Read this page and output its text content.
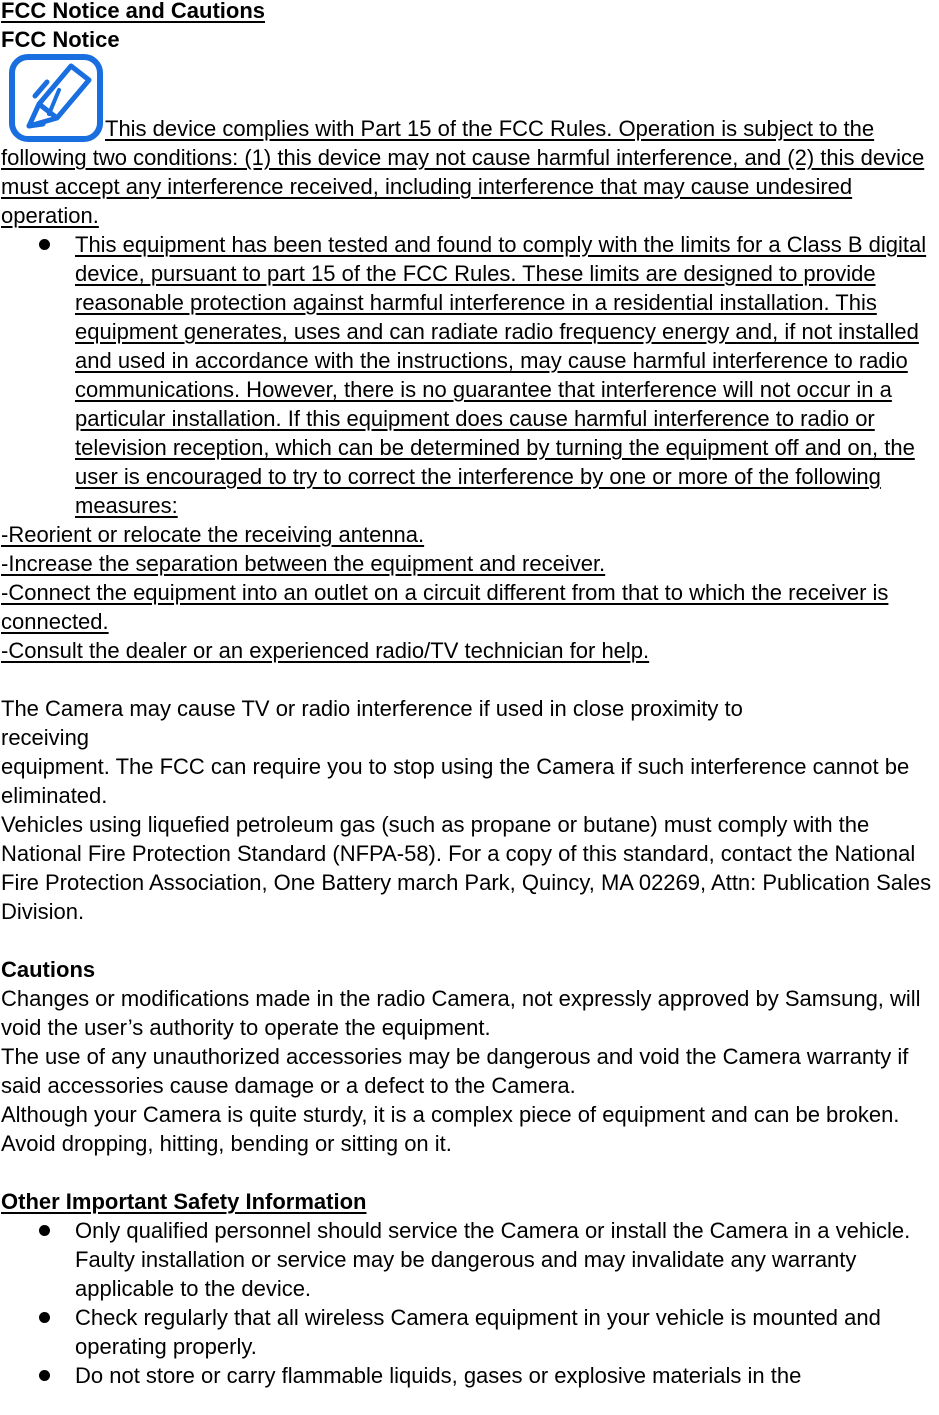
FCC Notice and Cautions

FCC Notice

This device complies with Part 15 of the FCC Rules. Operation is subject to the following two conditions: (1) this device may not cause harmful interference, and (2) this device must accept any interference received, including interference that may cause undesired operation.
This equipment has been tested and found to comply with the limits for a Class B digital device, pursuant to part 15 of the FCC Rules. These limits are designed to provide reasonable protection against harmful interference in a residential installation. This equipment generates, uses and can radiate radio frequency energy and, if not installed and used in accordance with the instructions, may cause harmful interference to radio communications. However, there is no guarantee that interference will not occur in a particular installation. If this equipment does cause harmful interference to radio or television reception, which can be determined by turning the equipment off and on, the user is encouraged to try to correct the interference by one or more of the following measures:

-Reorient or relocate the receiving antenna.

-Increase the separation between the equipment and receiver.

-Connect the equipment into an outlet on a circuit different from that to which the receiver is connected.

-Consult the dealer or an experienced radio/TV technician for help.

The Camera may cause TV or radio interference if used in close proximity to

receiving

equipment. The FCC can require you to stop using the Camera if such interference cannot be eliminated.

Vehicles using liquefied petroleum gas (such as propane or butane) must comply with the National Fire Protection Standard (NFPA-58). For a copy of this standard, contact the National Fire Protection Association, One Battery march Park, Quincy, MA 02269, Attn: Publication Sales Division.

Cautions

Changes or modifications made in the radio Camera, not expressly approved by Samsung, will void the user’s authority to operate the equipment.

The use of any unauthorized accessories may be dangerous and void the Camera warranty if said accessories cause damage or a defect to the Camera.

Although your Camera is quite sturdy, it is a complex piece of equipment and can be broken. Avoid dropping, hitting, bending or sitting on it.

Other Important Safety Information

Only qualified personnel should service the Camera or install the Camera in a vehicle. Faulty installation or service may be dangerous and may invalidate any warranty applicable to the device.
Check regularly that all wireless Camera equipment in your vehicle is mounted and operating properly.
Do not store or carry flammable liquids, gases or explosive materials in the
